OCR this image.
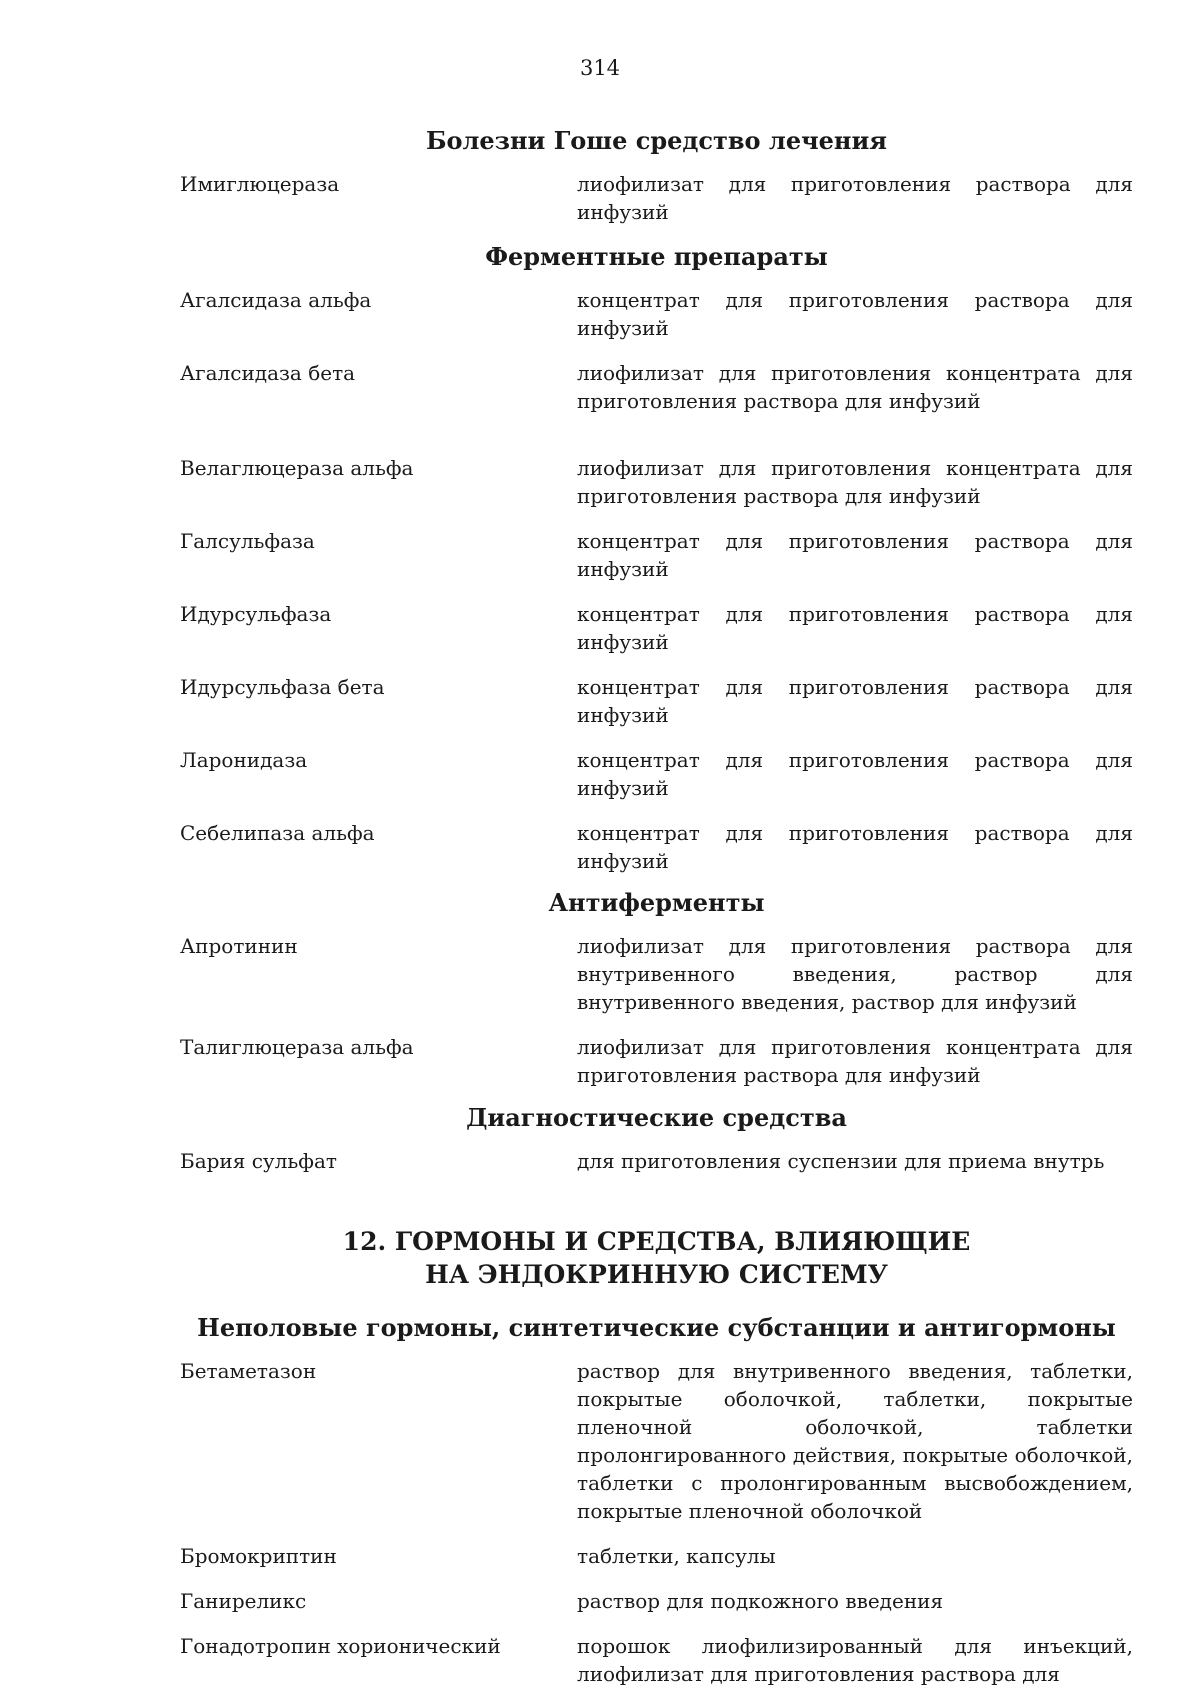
314
Болезни Гоше средство лечения
Имиглюцераза	лиофилизат для приготовления раствора для инфузий
Ферментные препараты
Агалсидаза альфа	концентрат для приготовления раствора для инфузий
Агалсидаза бета	лиофилизат для приготовления концентрата для приготовления раствора для инфузий
Велаглюцераза альфа	лиофилизат для приготовления концентрата для приготовления раствора для инфузий
Галсульфаза	концентрат для приготовления раствора для инфузий
Идурсульфаза	концентрат для приготовления раствора для инфузий
Идурсульфаза бета	концентрат для приготовления раствора для инфузий
Ларонидаза	концентрат для приготовления раствора для инфузий
Себелипаза альфа	концентрат для приготовления раствора для инфузий
Антиферменты
Апротинин	лиофилизат для приготовления раствора для внутривенного введения, раствор для внутривенного введения, раствор для инфузий
Талиглюцераза альфа	лиофилизат для приготовления концентрата для приготовления раствора для инфузий
Диагностические средства
Бария сульфат	для приготовления суспензии для приема внутрь
12. ГОРМОНЫ И СРЕДСТВА, ВЛИЯЮЩИЕ
НА ЭНДОКРИННУЮ СИСТЕМУ
Неполовые гормоны, синтетические субстанции и антигормоны
Бетаметазон	раствор для внутривенного введения, таблетки, покрытые оболочкой, таблетки, покрытые пленочной оболочкой, таблетки пролонгированного действия, покрытые оболочкой, таблетки с пролонгированным высвобождением, покрытые пленочной оболочкой
Бромокриптин	таблетки, капсулы
Ганиреликс	раствор для подкожного введения
Гонадотропин хорионический	порошок лиофилизированный для инъекций, лиофилизат для приготовления раствора для
